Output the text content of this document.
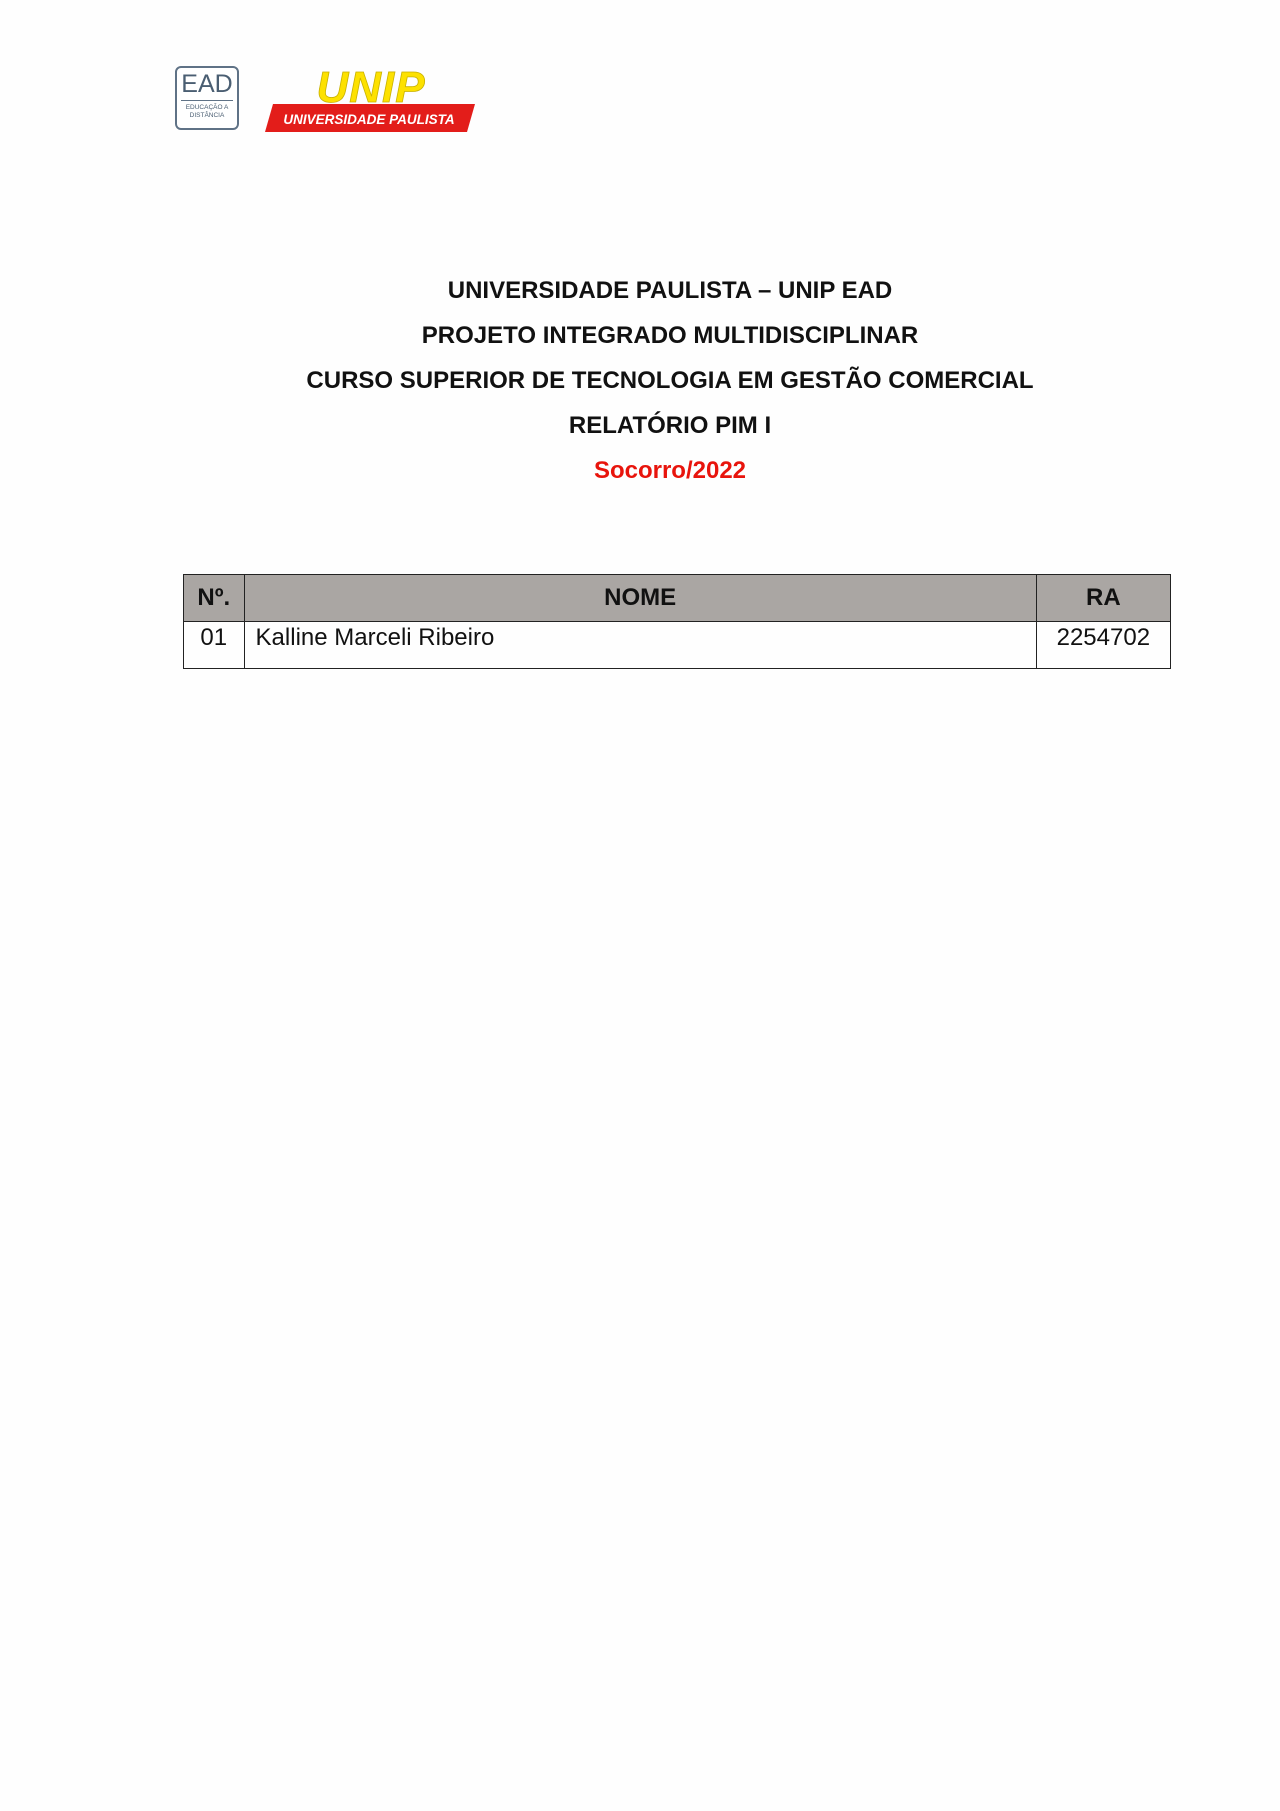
EAD
EDUCAÇÃO A DISTÂNCIA
UNIP
UNIVERSIDADE PAULISTA

UNIVERSIDADE PAULISTA – UNIP EAD

PROJETO INTEGRADO MULTIDISCIPLINAR

CURSO SUPERIOR DE TECNOLOGIA EM GESTÃO COMERCIAL

RELATÓRIO PIM I

Socorro/2022

Nº.	NOME	RA
01	Kalline Marceli Ribeiro	2254702
